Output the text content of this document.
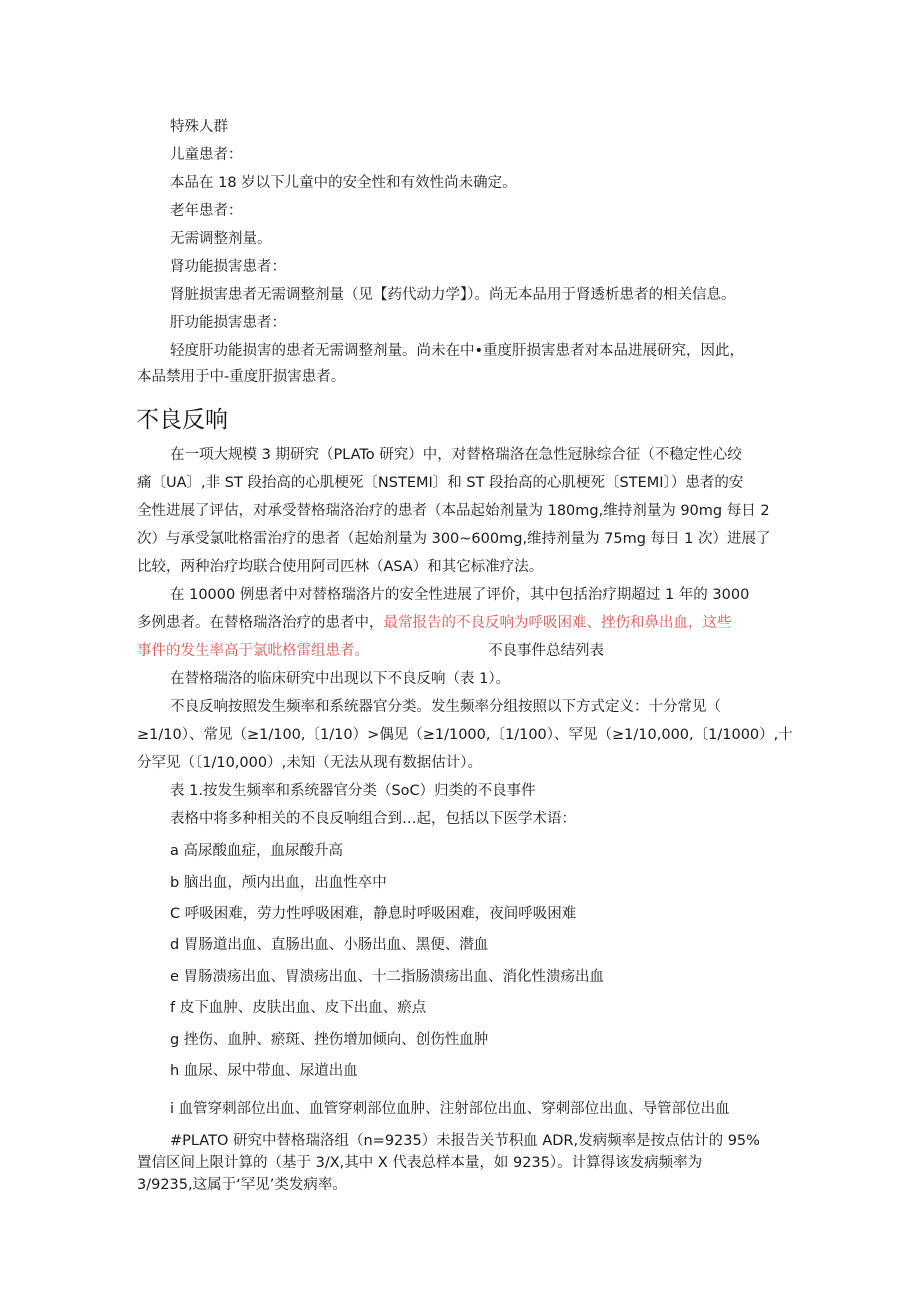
特殊人群

儿童患者：

本品在 18 岁以下儿童中的安全性和有效性尚未确定。

老年患者：

无需调整剂量。

肾功能损害患者：

肾脏损害患者无需调整剂量（见【药代动力学】）。尚无本品用于肾透析患者的相关信息。

肝功能损害患者：

轻度肝功能损害的患者无需调整剂量。尚未在中•重度肝损害患者对本品进展研究，因此，

本品禁用于中-重度肝损害患者。

不良反响

在一项大规模 3 期研究（PLATo 研究）中，对替格瑞洛在急性冠脉综合征（不稳定性心绞

痛〔UA〕,非 ST 段抬高的心肌梗死〔NSTEMI〕和 ST 段抬高的心肌梗死〔STEMI〕）患者的安

全性进展了评估，对承受替格瑞洛治疗的患者（本品起始剂量为 180mg,维持剂量为 90mg 每日 2

次）与承受氯吡格雷治疗的患者（起始剂量为 300~600mg,维持剂量为 75mg 每日 1 次）进展了

比较，两种治疗均联合使用阿司匹林（ASA）和其它标准疗法。

在 10000 例患者中对替格瑞洛片的安全性进展了评价，其中包括治疗期超过 1 年的 3000

多例患者。在替格瑞洛治疗的患者中，最常报告的不良反响为呼吸困难、挫伤和鼻出血，这些

事件的发生率高于氯吡格雷组患者。	不良事件总结列表

在替格瑞洛的临床研究中出现以下不良反响（表 1）。

不良反响按照发生频率和系统器官分类。发生频率分组按照以下方式定义：十分常见（

≥1/10）、常见（≥1/100,〔1/10）>偶见（≥1/1000,〔1/100）、罕见（≥1/10,000,〔1/1000）,十

分罕见（〔1/10,000）,未知（无法从现有数据估计）。

表 1.按发生频率和系统器官分类（SoC）归类的不良事件

表格中将多种相关的不良反响组合到…起，包括以下医学术语：

a 高尿酸血症，血尿酸升高

b 脑出血，颅内出血，出血性卒中

C 呼吸困难，劳力性呼吸困难，静息时呼吸困难，夜间呼吸困难

d 胃肠道出血、直肠出血、小肠出血、黑便、潜血

e 胃肠溃疡出血、胃溃疡出血、十二指肠溃疡出血、消化性溃疡出血

f 皮下血肿、皮肤出血、皮下出血、瘀点

g 挫伤、血肿、瘀斑、挫伤增加倾向、创伤性血肿

h 血尿、尿中带血、尿道出血

i 血管穿刺部位出血、血管穿刺部位血肿、注射部位出血、穿刺部位出血、导管部位出血

#PLATO 研究中替格瑞洛组（n=9235）未报告关节积血 ADR,发病频率是按点估计的 95%

置信区间上限计算的（基于 3/X,其中 X 代表总样本量，如 9235）。计算得该发病频率为

3/9235,这属于‘罕见’类发病率。
